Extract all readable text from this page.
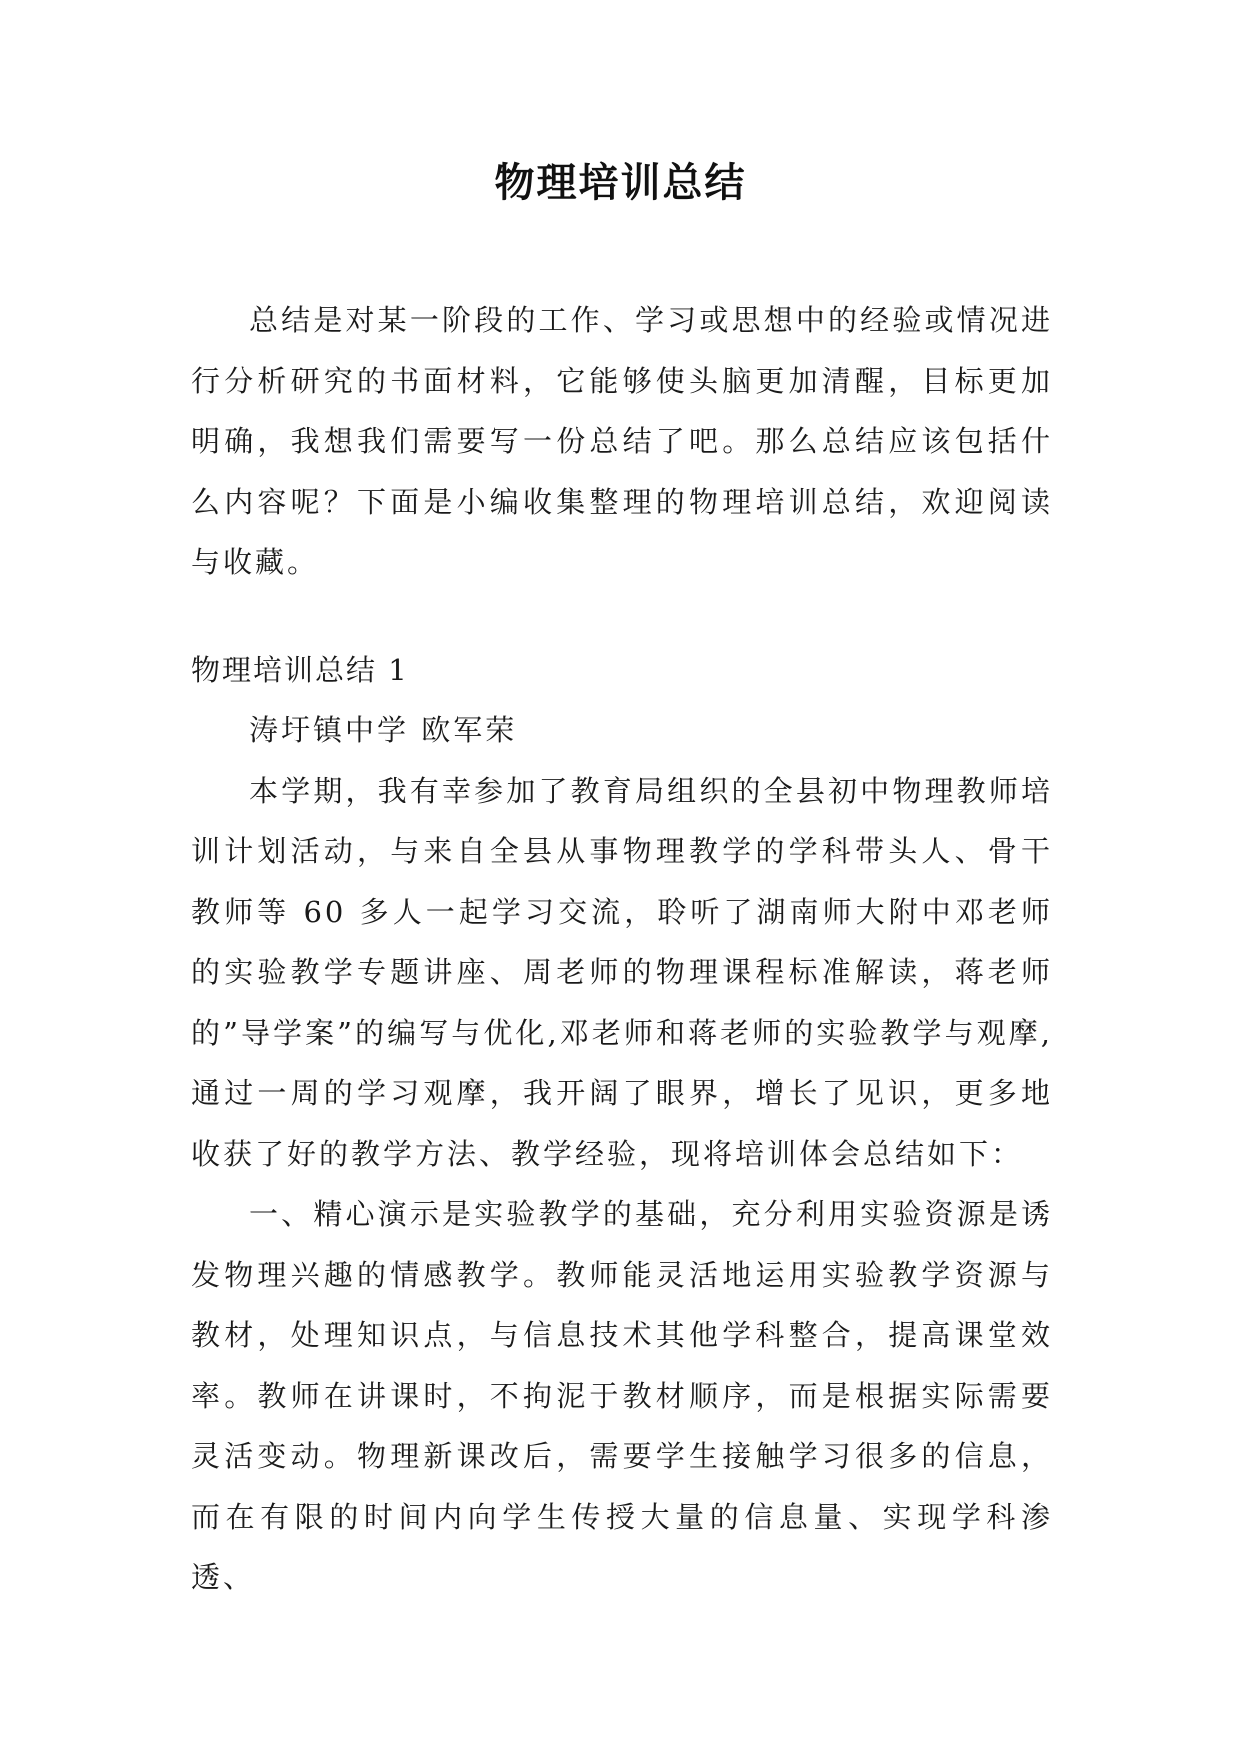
物理培训总结

总结是对某一阶段的工作、学习或思想中的经验或情况进行分析研究的书面材料，它能够使头脑更加清醒，目标更加明确，我想我们需要写一份总结了吧。那么总结应该包括什么内容呢？下面是小编收集整理的物理培训总结，欢迎阅读与收藏。

物理培训总结 1

涛圩镇中学 欧军荣

本学期，我有幸参加了教育局组织的全县初中物理教师培训计划活动，与来自全县从事物理教学的学科带头人、骨干教师等 60 多人一起学习交流，聆听了湖南师大附中邓老师的实验教学专题讲座、周老师的物理课程标准解读，蒋老师的”导学案”的编写与优化,邓老师和蒋老师的实验教学与观摩,通过一周的学习观摩，我开阔了眼界，增长了见识，更多地收获了好的教学方法、教学经验，现将培训体会总结如下：

一、精心演示是实验教学的基础，充分利用实验资源是诱发物理兴趣的情感教学。教师能灵活地运用实验教学资源与教材，处理知识点，与信息技术其他学科整合，提高课堂效率。教师在讲课时，不拘泥于教材顺序，而是根据实际需要灵活变动。物理新课改后，需要学生接触学习很多的信息，而在有限的时间内向学生传授大量的信息量、实现学科渗透、
